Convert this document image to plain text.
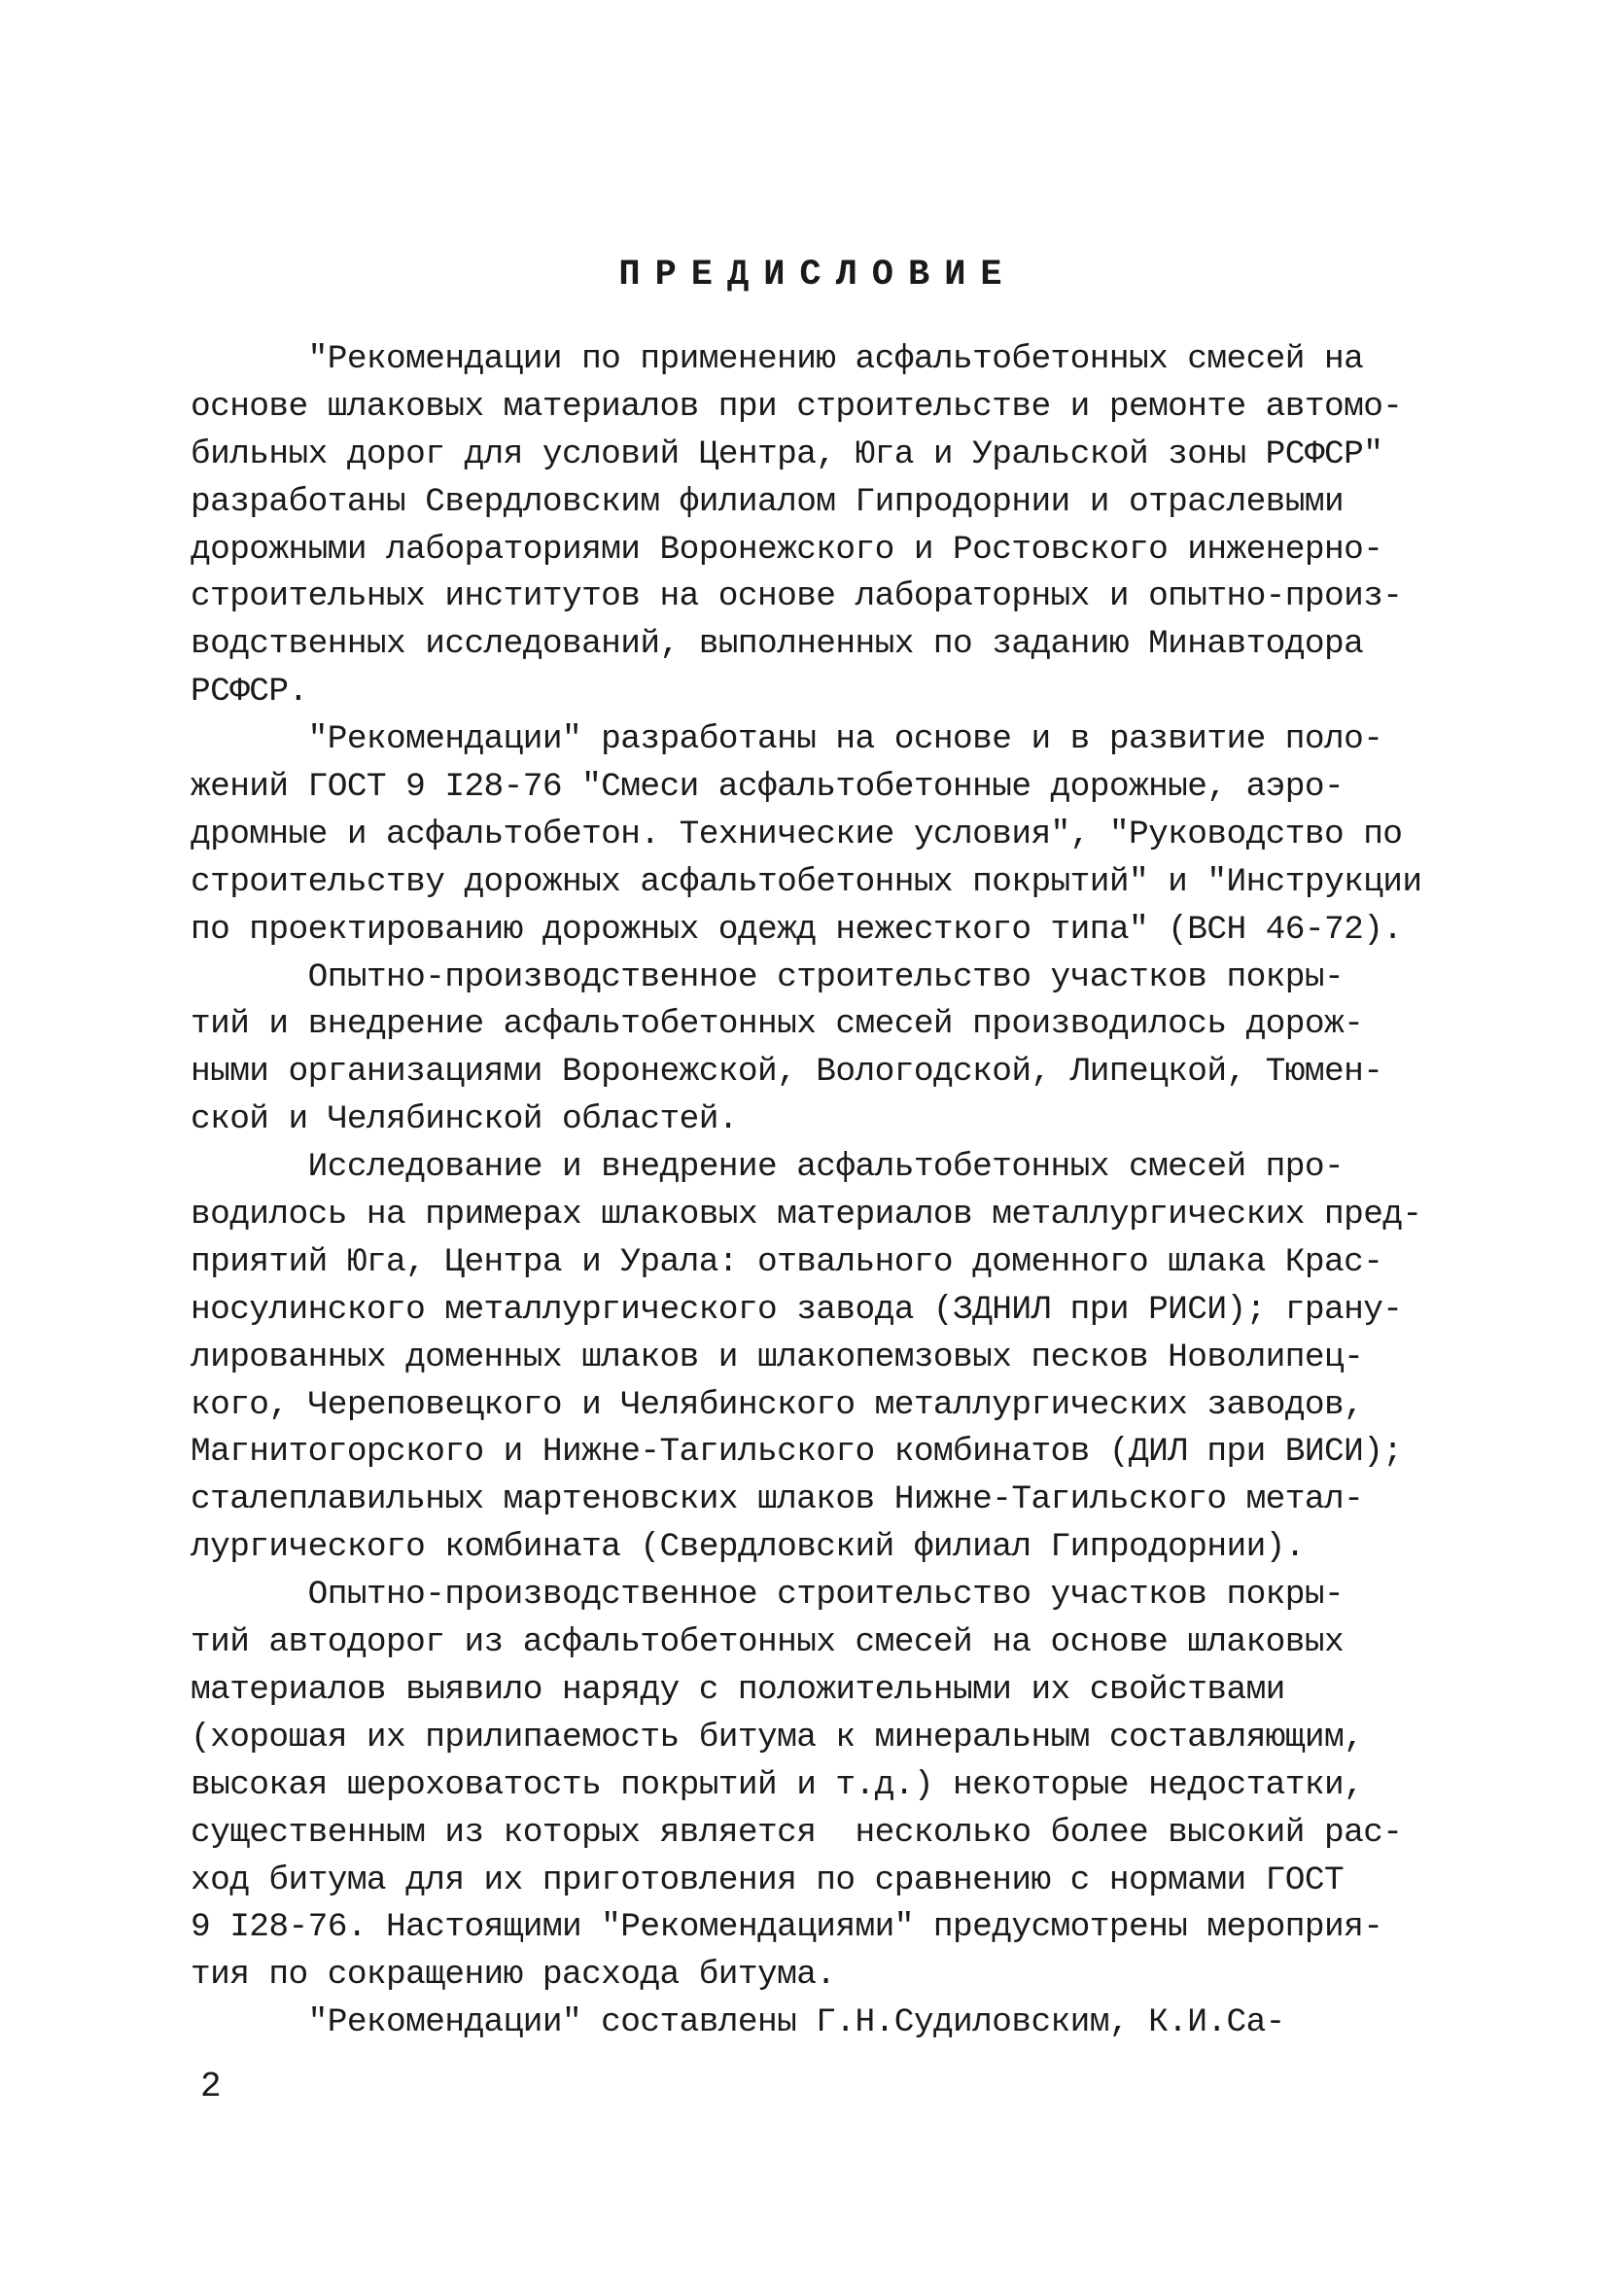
ПРЕДИСЛОВИЕ
"Рекомендации по применению асфальтобетонных смесей на
основе шлаковых материалов при строительстве и ремонте автомо-
бильных дорог для условий Центра, Юга и Уральской зоны РСФСР"
разработаны Свердловским филиалом Гипродорнии и отраслевыми
дорожными лабораториями Воронежского и Ростовского инженерно-
строительных институтов на основе лабораторных и опытно-произ-
водственных исследований, выполненных по заданию Минавтодора
РСФСР.
"Рекомендации" разработаны на основе и в развитие поло-
жений ГОСТ 9 I28-76 "Смеси асфальтобетонные дорожные, аэро-
дромные и асфальтобетон. Технические условия", "Руководство по
строительству дорожных асфальтобетонных покрытий" и "Инструкции
по проектированию дорожных одежд нежесткого типа" (ВСН 46-72).
Опытно-производственное строительство участков покры-
тий и внедрение асфальтобетонных смесей производилось дорож-
ными организациями Воронежской, Вологодской, Липецкой, Тюмен-
ской и Челябинской областей.
Исследование и внедрение асфальтобетонных смесей про-
водилось на примерах шлаковых материалов металлургических пред-
приятий Юга, Центра и Урала: отвального доменного шлака Крас-
носулинского металлургического завода (ЗДНИЛ при РИСИ); грану-
лированных доменных шлаков и шлакопемзовых песков Новолипец-
кого, Череповецкого и Челябинского металлургических заводов,
Магнитогорского и Нижне-Тагильского комбинатов (ДИЛ при ВИСИ);
сталеплавильных мартеновских шлаков Нижне-Тагильского метал-
лургического комбината (Свердловский филиал Гипродорнии).
Опытно-производственное строительство участков покры-
тий автодорог из асфальтобетонных смесей на основе шлаковых
материалов выявило наряду с положительными их свойствами
(хорошая их прилипаемость битума к минеральным составляющим,
высокая шероховатость покрытий и т.д.) некоторые недостатки,
существенным из которых является  несколько более высокий рас-
ход битума для их приготовления по сравнению с нормами ГОСТ
9 I28-76. Настоящими "Рекомендациями" предусмотрены мероприя-
тия по сокращению расхода битума.
"Рекомендации" составлены Г.Н.Судиловским, К.И.Са-

2
